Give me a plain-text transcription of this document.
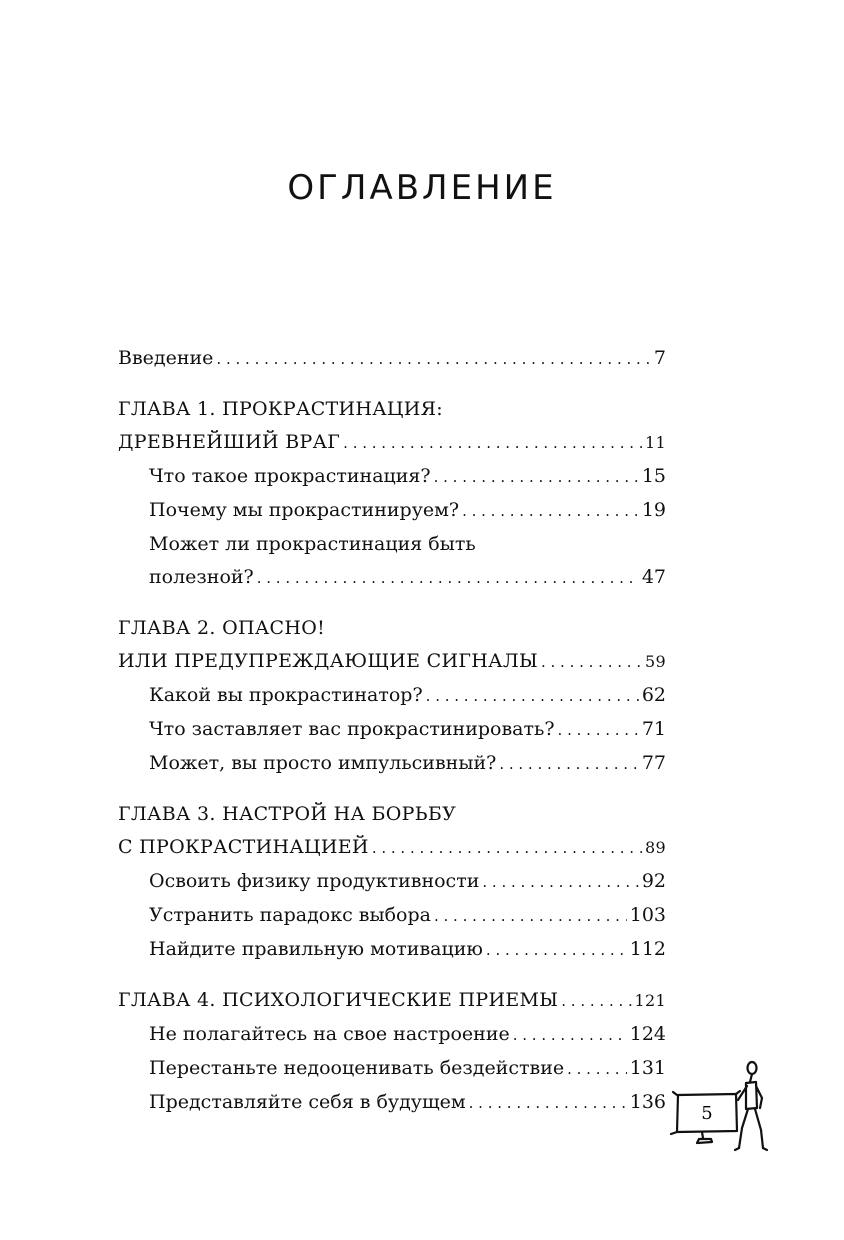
ОГЛАВЛЕНИЕ
Введение . . .	7
ГЛАВА 1. ПРОКРАСТИНАЦИЯ:
ДРЕВНЕЙШИЙ ВРАГ . . .	11
Что такое прокрастинация? . . .	15
Почему мы прокрастинируем? . . .	19
Может ли прокрастинация быть
полезной? . . .	47
ГЛАВА 2. ОПАСНО!
ИЛИ ПРЕДУПРЕЖДАЮЩИЕ СИГНАЛЫ . . .	59
Какой вы прокрастинатор? . . .	62
Что заставляет вас прокрастинировать? . . .	71
Может, вы просто импульсивный? . . .	77
ГЛАВА 3. НАСТРОЙ НА БОРЬБУ
С ПРОКРАСТИНАЦИЕЙ . . .	89
Освоить физику продуктивности . . .	92
Устранить парадокс выбора . . .	103
Найдите правильную мотивацию . . .	112
ГЛАВА 4. ПСИХОЛОГИЧЕСКИЕ ПРИЕМЫ . . .	121
Не полагайтесь на свое настроение . . .	124
Перестаньте недооценивать бездействие . . .	131
Представляйте себя в будущем . . .	136
5
